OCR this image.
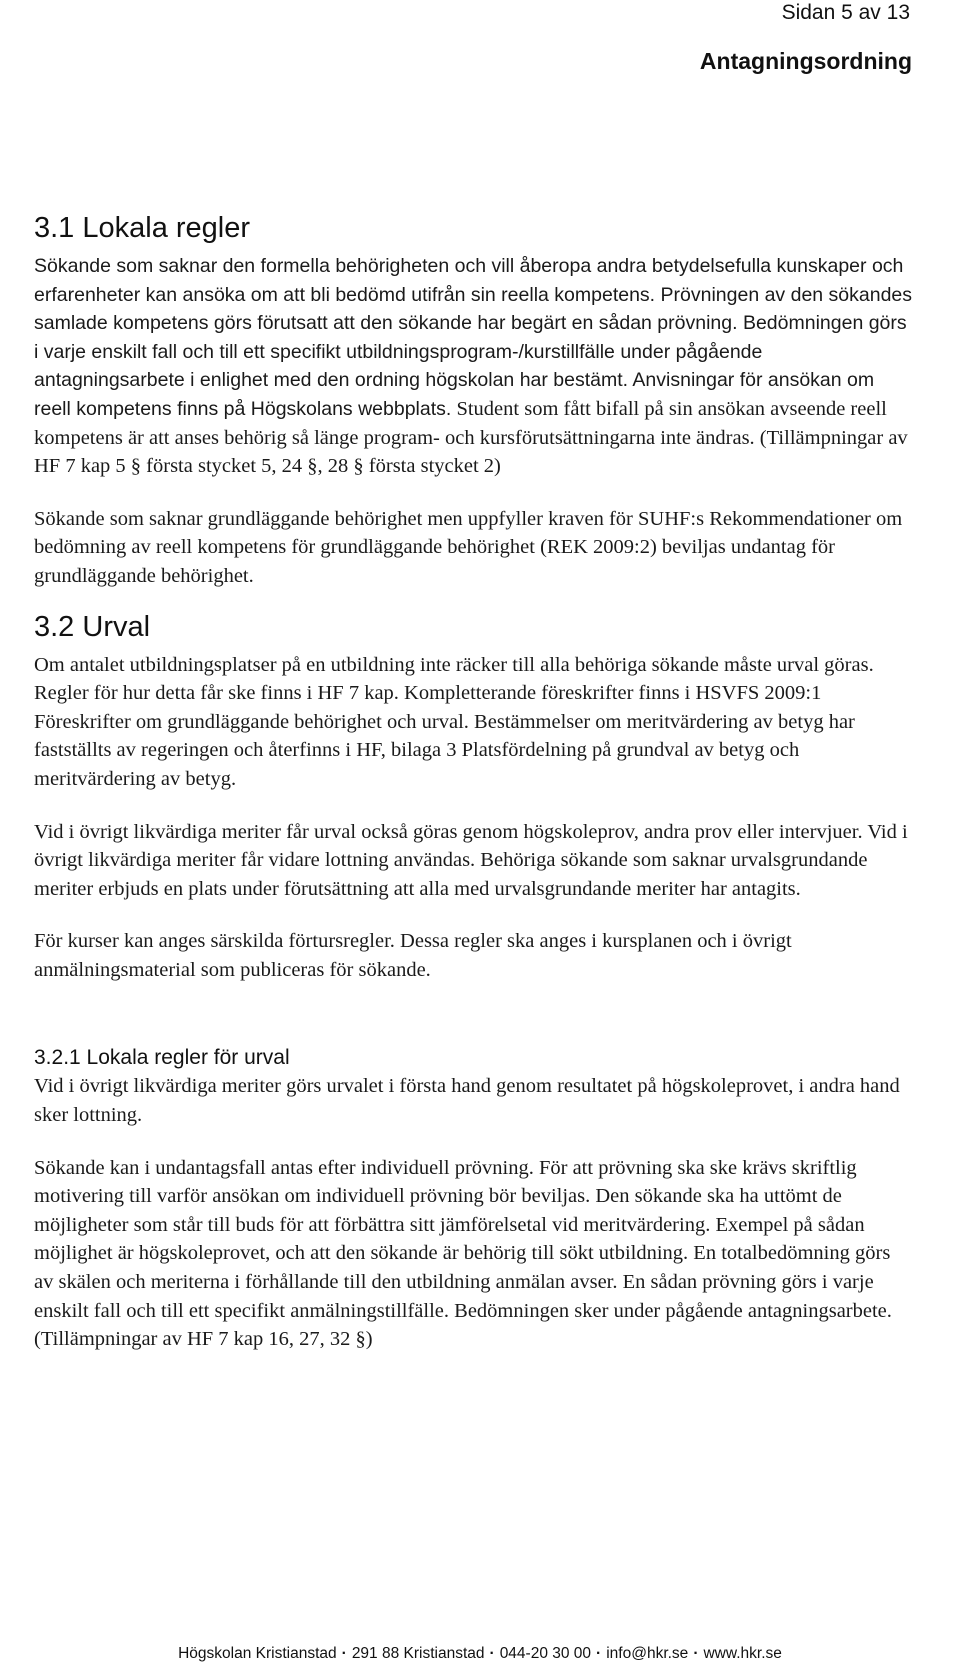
Sidan 5 av 13
Antagningsordning
3.1 Lokala regler

Sökande som saknar den formella behörigheten och vill åberopa andra betydelsefulla kunskaper och erfarenheter kan ansöka om att bli bedömd utifrån sin reella kompetens. Prövningen av den sökandes samlade kompetens görs förutsatt att den sökande har begärt en sådan prövning. Bedömningen görs i varje enskilt fall och till ett specifikt utbildningsprogram-/kurstillfälle under pågående antagningsarbete i enlighet med den ordning högskolan har bestämt. Anvisningar för ansökan om reell kompetens finns på Högskolans webbplats. Student som fått bifall på sin ansökan avseende reell kompetens är att anses behörig så länge program- och kursförutsättningarna inte ändras. (Tillämpningar av HF 7 kap 5 § första stycket 5, 24 §, 28 § första stycket 2)

Sökande som saknar grundläggande behörighet men uppfyller kraven för SUHF:s Rekommendationer om bedömning av reell kompetens för grundläggande behörighet (REK 2009:2) beviljas undantag för grundläggande behörighet.

3.2 Urval

Om antalet utbildningsplatser på en utbildning inte räcker till alla behöriga sökande måste urval göras. Regler för hur detta får ske finns i HF 7 kap. Kompletterande föreskrifter finns i HSVFS 2009:1 Föreskrifter om grundläggande behörighet och urval. Bestämmelser om meritvärdering av betyg har fastställts av regeringen och återfinns i HF, bilaga 3 Platsfördelning på grundval av betyg och meritvärdering av betyg.

Vid i övrigt likvärdiga meriter får urval också göras genom högskoleprov, andra prov eller intervjuer. Vid i övrigt likvärdiga meriter får vidare lottning användas. Behöriga sökande som saknar urvalsgrundande meriter erbjuds en plats under förutsättning att alla med urvalsgrundande meriter har antagits.

För kurser kan anges särskilda förtursregler. Dessa regler ska anges i kursplanen och i övrigt anmälningsmaterial som publiceras för sökande.

3.2.1 Lokala regler för urval

Vid i övrigt likvärdiga meriter görs urvalet i första hand genom resultatet på högskoleprovet, i andra hand sker lottning.

Sökande kan i undantagsfall antas efter individuell prövning. För att prövning ska ske krävs skriftlig motivering till varför ansökan om individuell prövning bör beviljas. Den sökande ska ha uttömt de möjligheter som står till buds för att förbättra sitt jämförelsetal vid meritvärdering. Exempel på sådan möjlighet är högskoleprovet, och att den sökande är behörig till sökt utbildning. En totalbedömning görs av skälen och meriterna i förhållande till den utbildning anmälan avser. En sådan prövning görs i varje enskilt fall och till ett specifikt anmälningstillfälle. Bedömningen sker under pågående antagningsarbete. (Tillämpningar av HF 7 kap 16, 27, 32 §)

Högskolan Kristianstad · 291 88 Kristianstad · 044-20 30 00 · info@hkr.se · www.hkr.se
